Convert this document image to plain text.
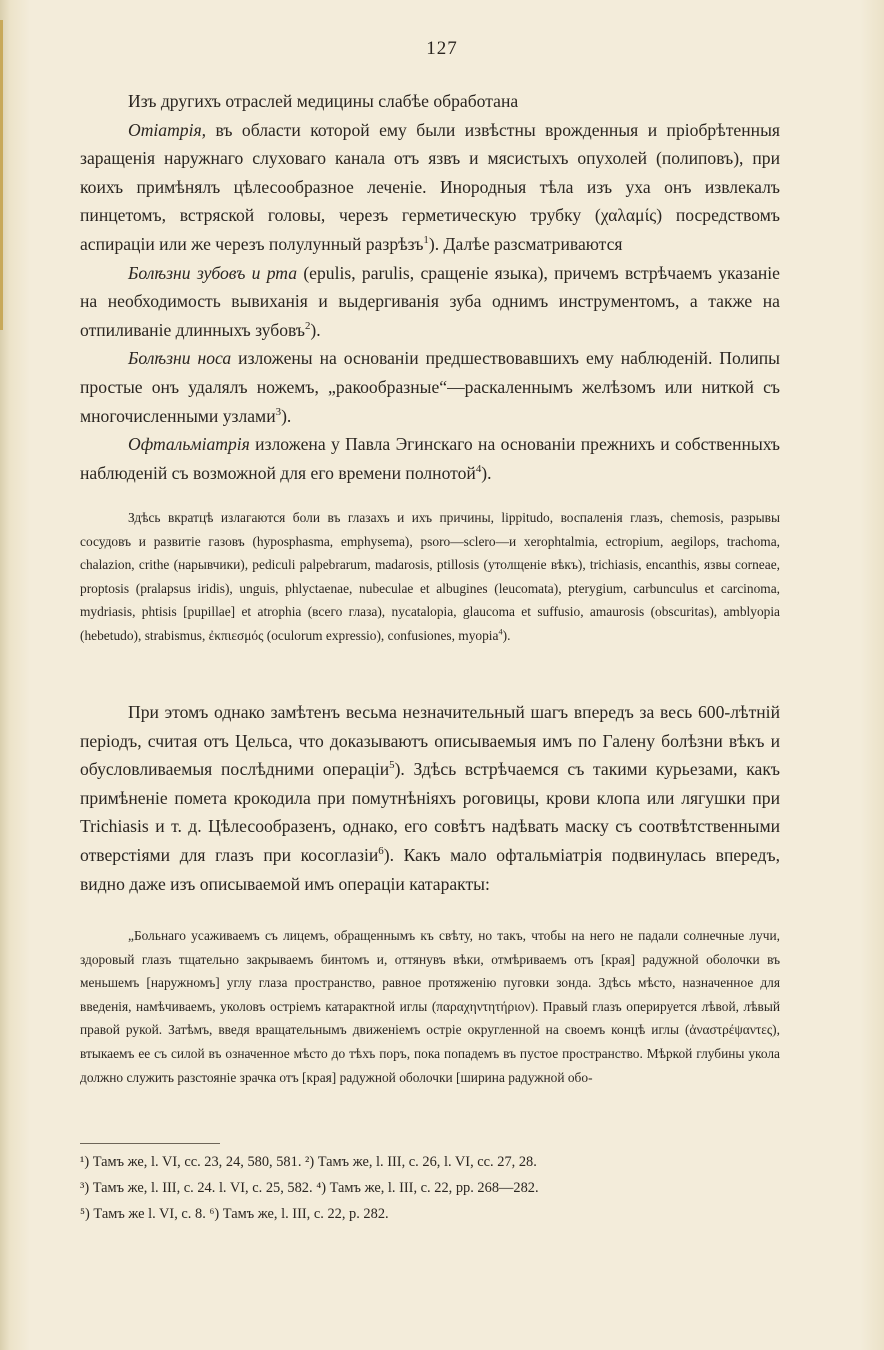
127

Изъ другихъ отраслей медицины слабѣе обработана

Отiатрiя, въ области которой ему были извѣстны врожденныя и пріобрѣтенныя заращенія наружнаго слуховаго канала отъ язвъ и мясистыхъ опухолей (полиповъ), при коихъ примѣнялъ цѣлесообразное леченіе. Инородныя тѣла изъ уха онъ извлекалъ пинцетомъ, встряской головы, черезъ герметическую трубку (χαλαμίς) посредствомъ аспираціи или же черезъ полулунный разрѣзъ$^1$). Далѣе разсматриваются

Болѣзни зубовъ и рта (epulis, parulis, сращеніе языка), причемъ встрѣчаемъ указаніе на необходимость вывиханія и выдергиванія зуба однимъ инструментомъ, а также на отпиливаніе длинныхъ зубовъ$^2$).

Болѣзни носа изложены на основаніи предшествовавшихъ ему наблюденій. Полипы простые онъ удалялъ ножемъ, „ракообразные“—раскаленнымъ желѣзомъ или ниткой съ многочисленными узлами$^3$).

Офтальміатрія изложена у Павла Эгинскаго на основаніи прежнихъ и собственныхъ наблюденій съ возможной для его времени полнотой$^4$).

Здѣсь вкратцѣ излагаются боли въ глазахъ и ихъ причины, lippitudo, воспаленія глазъ, chemosis, разрывы сосудовъ и развитіе газовъ (hyposphasma, emphysema), psoro—sclero—и xerophtalmia, ectropium, aegilops, trachoma, chalazion, crithe (нарывчики), pediculi palpebrarum, madarosis, ptillosis (утолщеніе вѣкъ), trichiasis, encanthis, язвы corneae, proptosis (pralapsus iridis), unguis, phlyctaenae, nubeculae et albugines (leucomata), pterygium, carbunculus et carcinoma, mydriasis, phtisis [pupillae] et atrophia (всего глаза), nycataloрia, glaucoma et suffusio, amaurosis (obscuritas), amblyopia (hebetudo), strabismus, ἐκπιεσμός (oculorum expressio), confusiones, myopia$^4$).

При этомъ однако замѣтенъ весьма незначительный шагъ впередъ за весь 600-лѣтній періодъ, считая отъ Цельса, что доказываютъ описываемыя имъ по Галену болѣзни вѣкъ и обусловливаемыя послѣдними операціи$^5$). Здѣсь встрѣчаемся съ такими курьезами, какъ примѣненіе помета крокодила при помутнѣніяхъ роговицы, крови клопа или лягушки при Trichiasis и т. д. Цѣлесообразенъ, однако, его совѣтъ надѣвать маску съ соотвѣтственными отверстіями для глазъ при косоглазіи$^6$). Какъ мало офтальміатрія подвинулась впередъ, видно даже изъ описываемой имъ операціи катаракты:

„Больнаго усаживаемъ съ лицемъ, обращеннымъ къ свѣту, но такъ, чтобы на него не падали солнечные лучи, здоровый глазъ тщательно закрываемъ бинтомъ и, оттянувъ вѣки, отмѣриваемъ отъ [края] радужной оболочки въ меньшемъ [наружномъ] углу глаза пространство, равное протяженію пуговки зонда. Здѣсь мѣсто, назначенное для введенія, намѣчиваемъ, уколовъ остріемъ катарактной иглы (παραχηντητήριον). Правый глазъ оперируется лѣвой, лѣвый правой рукой. Затѣмъ, введя вращательнымъ движеніемъ остріе округленной на своемъ концѣ иглы (ἀναστρέψαντες), втыкаемъ ее съ силой въ означенное мѣсто до тѣхъ поръ, пока попадемъ въ пустое пространство. Мѣркой глубины укола должно служить разстояніе зрачка отъ [края] радужной оболочки [ширина радужной обо-

¹) Тамъ же, l. VI, cc. 23, 24, 580, 581. ²) Тамъ же, l. III, c. 26, l. VI, cc. 27, 28.

³) Тамъ же, l. III, c. 24. l. VI, c. 25, 582. ⁴) Тамъ же, l. III, c. 22, pp. 268—282.

⁵) Тамъ же l. VI, c. 8. ⁶) Тамъ же, l. III, c. 22, p. 282.
